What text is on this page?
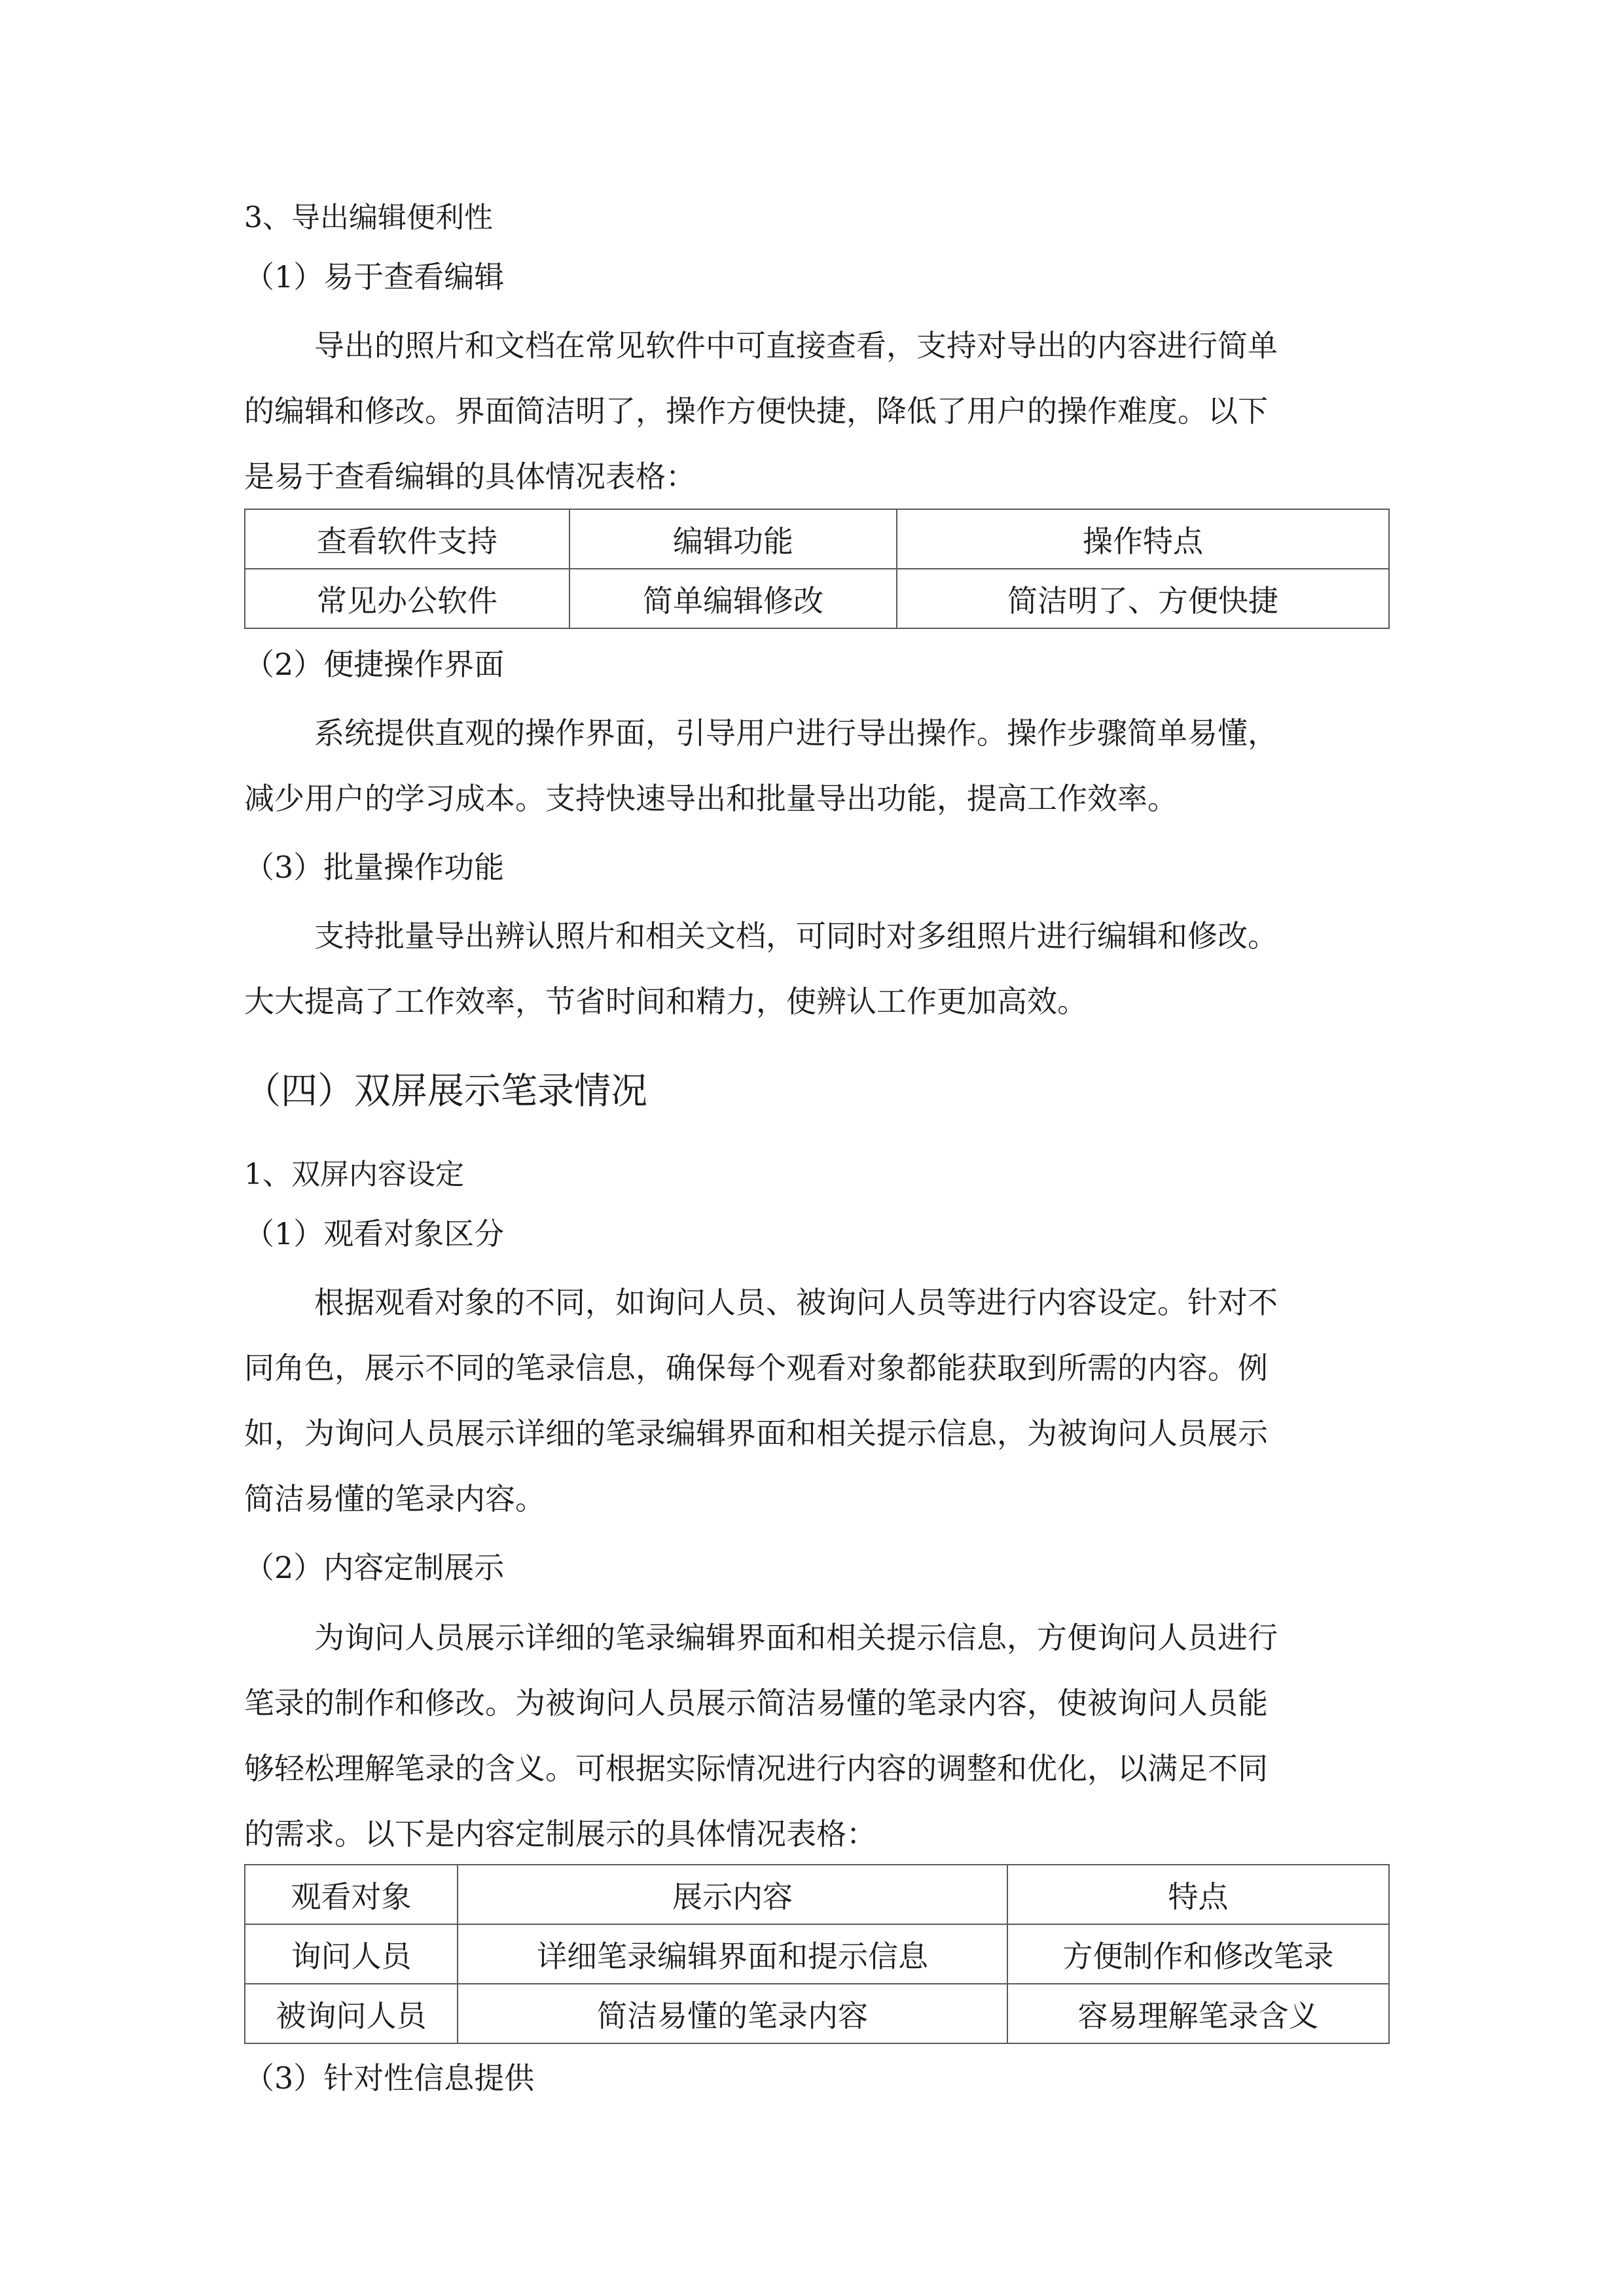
3、导出编辑便利性

（1）易于查看编辑

导出的照片和文档在常见软件中可直接查看，支持对导出的内容进行简单

的编辑和修改。界面简洁明了，操作方便快捷，降低了用户的操作难度。以下

是易于查看编辑的具体情况表格：

查看软件支持	编辑功能	操作特点
常见办公软件	简单编辑修改	简洁明了、方便快捷

（2）便捷操作界面

系统提供直观的操作界面，引导用户进行导出操作。操作步骤简单易懂，

减少用户的学习成本。支持快速导出和批量导出功能，提高工作效率。

（3）批量操作功能

支持批量导出辨认照片和相关文档，可同时对多组照片进行编辑和修改。

大大提高了工作效率，节省时间和精力，使辨认工作更加高效。

（四）双屏展示笔录情况

1、双屏内容设定

（1）观看对象区分

根据观看对象的不同，如询问人员、被询问人员等进行内容设定。针对不

同角色，展示不同的笔录信息，确保每个观看对象都能获取到所需的内容。例

如，为询问人员展示详细的笔录编辑界面和相关提示信息，为被询问人员展示

简洁易懂的笔录内容。

（2）内容定制展示

为询问人员展示详细的笔录编辑界面和相关提示信息，方便询问人员进行

笔录的制作和修改。为被询问人员展示简洁易懂的笔录内容，使被询问人员能

够轻松理解笔录的含义。可根据实际情况进行内容的调整和优化，以满足不同

的需求。以下是内容定制展示的具体情况表格：

观看对象	展示内容	特点
询问人员	详细笔录编辑界面和提示信息	方便制作和修改笔录
被询问人员	简洁易懂的笔录内容	容易理解笔录含义

（3）针对性信息提供
